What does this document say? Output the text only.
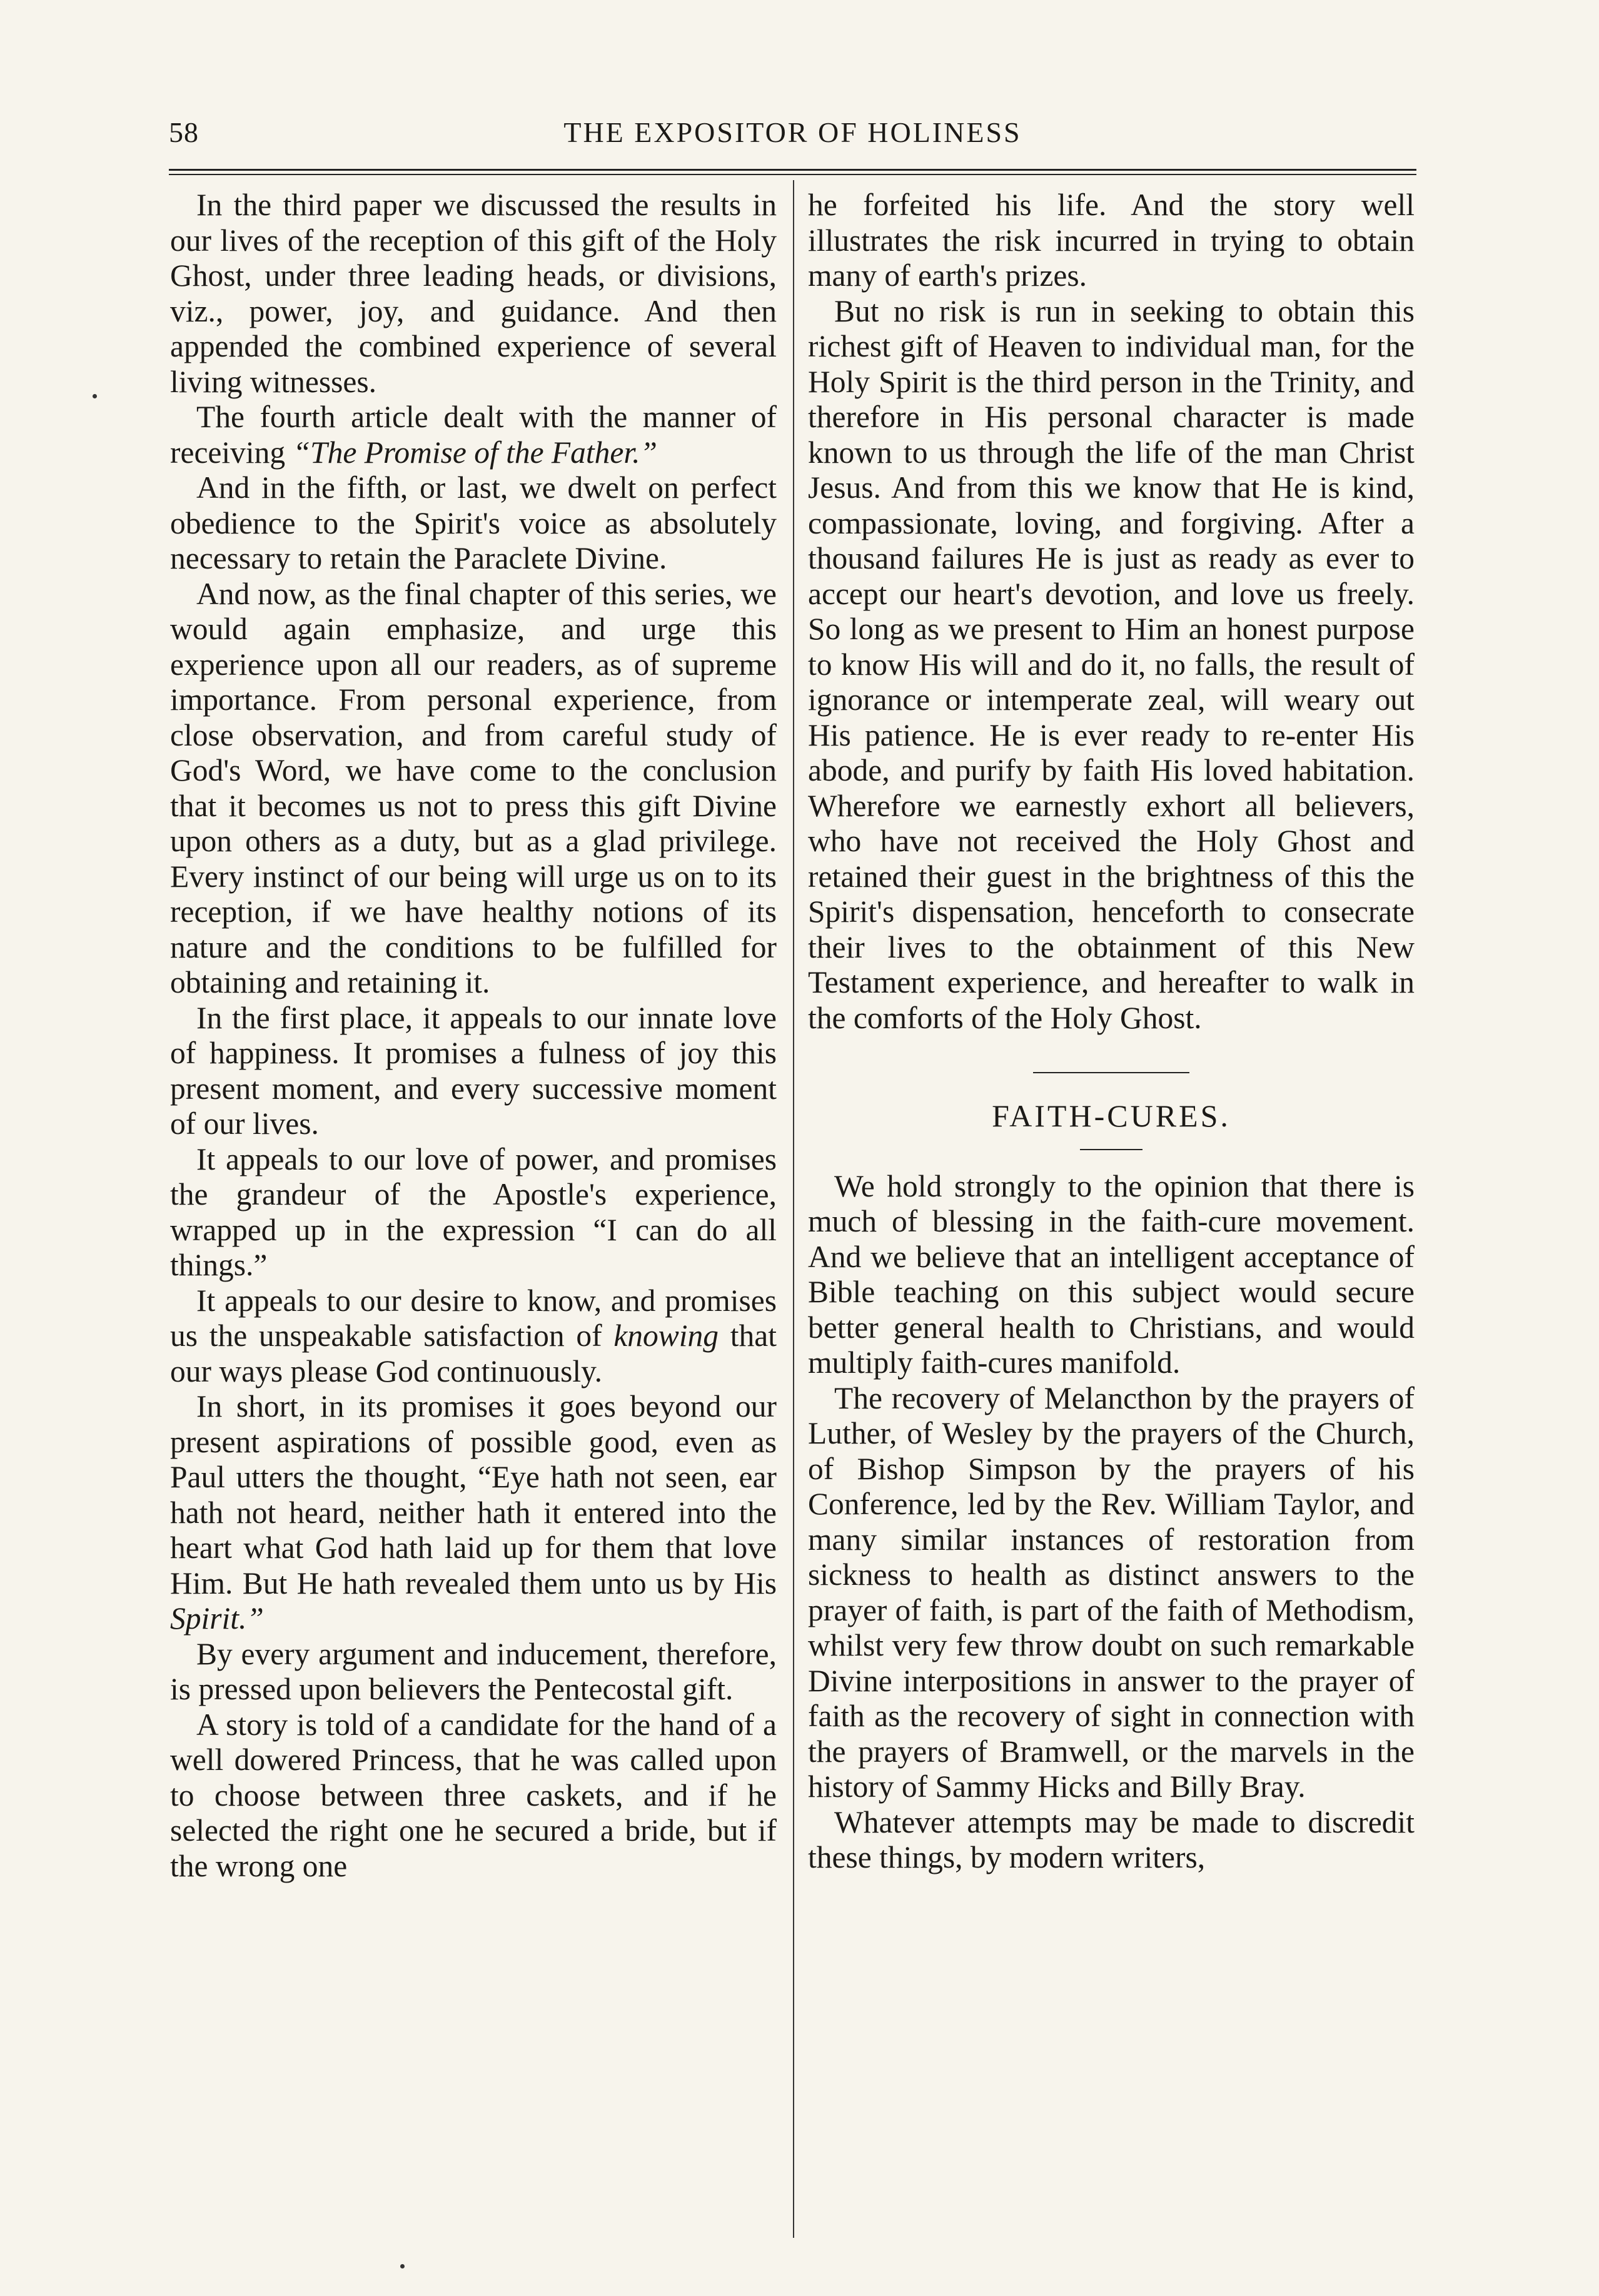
58	THE EXPOSITOR OF HOLINESS

In the third paper we discussed the results in our lives of the reception of this gift of the Holy Ghost, under three leading heads, or divisions, viz., power, joy, and guidance. And then appended the combined experience of several living witnesses.

The fourth article dealt with the manner of receiving “The Promise of the Father.”

And in the fifth, or last, we dwelt on perfect obedience to the Spirit's voice as absolutely necessary to retain the Paraclete Divine.

And now, as the final chapter of this series, we would again emphasize, and urge this experience upon all our readers, as of supreme importance. From personal experience, from close observation, and from careful study of God's Word, we have come to the conclusion that it becomes us not to press this gift Divine upon others as a duty, but as a glad privilege. Every instinct of our being will urge us on to its reception, if we have healthy notions of its nature and the conditions to be fulfilled for obtaining and retaining it.

In the first place, it appeals to our innate love of happiness. It promises a fulness of joy this present moment, and every successive moment of our lives.

It appeals to our love of power, and promises the grandeur of the Apostle's experience, wrapped up in the expression “I can do all things.”

It appeals to our desire to know, and promises us the unspeakable satisfaction of knowing that our ways please God continuously.

In short, in its promises it goes beyond our present aspirations of possible good, even as Paul utters the thought, “Eye hath not seen, ear hath not heard, neither hath it entered into the heart what God hath laid up for them that love Him. But He hath revealed them unto us by His Spirit.”

By every argument and inducement, therefore, is pressed upon believers the Pentecostal gift.

A story is told of a candidate for the hand of a well dowered Princess, that he was called upon to choose between three caskets, and if he selected the right one he secured a bride, but if the wrong one

he forfeited his life. And the story well illustrates the risk incurred in trying to obtain many of earth's prizes.

But no risk is run in seeking to obtain this richest gift of Heaven to individual man, for the Holy Spirit is the third person in the Trinity, and therefore in His personal character is made known to us through the life of the man Christ Jesus. And from this we know that He is kind, compassionate, loving, and forgiving. After a thousand failures He is just as ready as ever to accept our heart's devotion, and love us freely. So long as we present to Him an honest purpose to know His will and do it, no falls, the result of ignorance or intemperate zeal, will weary out His patience. He is ever ready to re-enter His abode, and purify by faith His loved habitation. Wherefore we earnestly exhort all believers, who have not received the Holy Ghost and retained their guest in the brightness of this the Spirit's dispensation, henceforth to consecrate their lives to the obtainment of this New Testament experience, and hereafter to walk in the comforts of the Holy Ghost.

FAITH-CURES.

We hold strongly to the opinion that there is much of blessing in the faith-cure movement. And we believe that an intelligent acceptance of Bible teaching on this subject would secure better general health to Christians, and would multiply faith-cures manifold.

The recovery of Melancthon by the prayers of Luther, of Wesley by the prayers of the Church, of Bishop Simpson by the prayers of his Conference, led by the Rev. William Taylor, and many similar instances of restoration from sickness to health as distinct answers to the prayer of faith, is part of the faith of Methodism, whilst very few throw doubt on such remarkable Divine interpositions in answer to the prayer of faith as the recovery of sight in connection with the prayers of Bramwell, or the marvels in the history of Sammy Hicks and Billy Bray.

Whatever attempts may be made to discredit these things, by modern writers,
